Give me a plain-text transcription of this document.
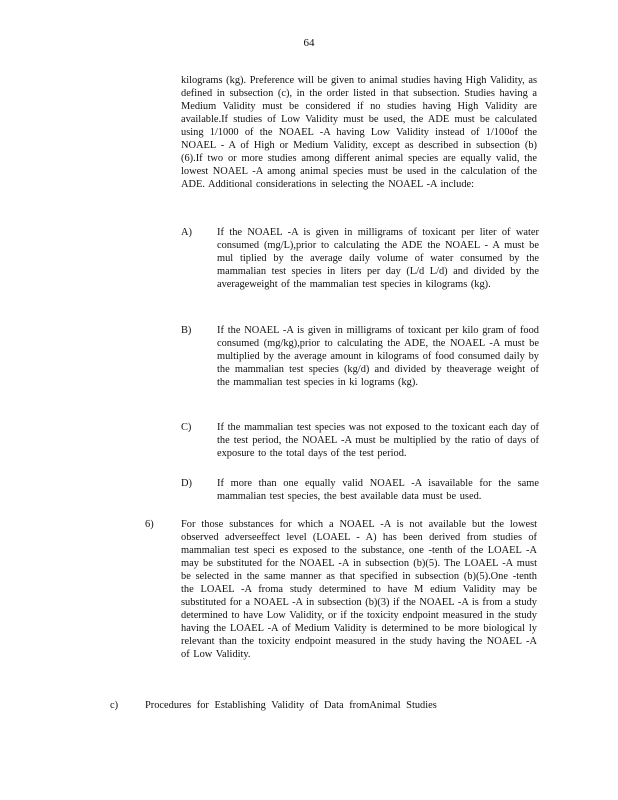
64
kilograms (kg). Preference will be given to animal studies having High Validity, as defined in subsection (c), in the order listed in that subsection. Studies having a Medium Validity must be considered if no studies having High Validity are available.If studies of Low Validity must be used, the ADE must be calculated using 1/1000 of the NOAEL -A having Low Validity instead of 1/100of the NOAEL - A of High or Medium Validity, except as described in subsection (b)(6).If two or more studies among different animal species are equally valid, the lowest NOAEL -A among animal species must be used in the calculation of the ADE. Additional considerations in selecting the NOAEL -A include:
A) If the NOAEL -A is given in milligrams of toxicant per liter of water consumed (mg/L),prior to calculating the ADE the NOAEL - A must be mul tiplied by the average daily volume of water consumed by the mammalian test species in liters per day (L/d L/d) and divided by the averageweight of the mammalian test species in kilograms (kg).
B) If the NOAEL -A is given in milligrams of toxicant per kilo gram of food consumed (mg/kg),prior to calculating the ADE, the NOAEL -A must be multiplied by the average amount in kilograms of food consumed daily by the mammalian test species (kg/d) and divided by theaverage weight of the mammalian test species in ki lograms (kg).
C) If the mammalian test species was not exposed to the toxicant each day of the test period, the NOAEL -A must be multiplied by the ratio of days of exposure to the total days of the test period.
D) If more than one equally valid NOAEL -A isavailable for the same mammalian test species, the best available data must be used.
6)	For those substances for which a NOAEL -A is not available but the lowest observed adverseeffect level (LOAEL - A) has been derived from studies of mammalian test speci es exposed to the substance, one -tenth of the LOAEL -A may be substituted for the NOAEL -A in subsection (b)(5). The LOAEL -A must be selected in the same manner as that specified in subsection (b)(5).One -tenth the LOAEL -A froma study determined to have M edium Validity may be substituted for a NOAEL -A in subsection (b)(3) if the NOAEL -A is from a study determined to have Low Validity, or if the toxicity endpoint measured in the study having the LOAEL -A of Medium Validity is determined to be more biological ly relevant than the toxicity endpoint measured in the study having the NOAEL -A of Low Validity.
c)	Procedures for Establishing Validity of Data fromAnimal Studies
